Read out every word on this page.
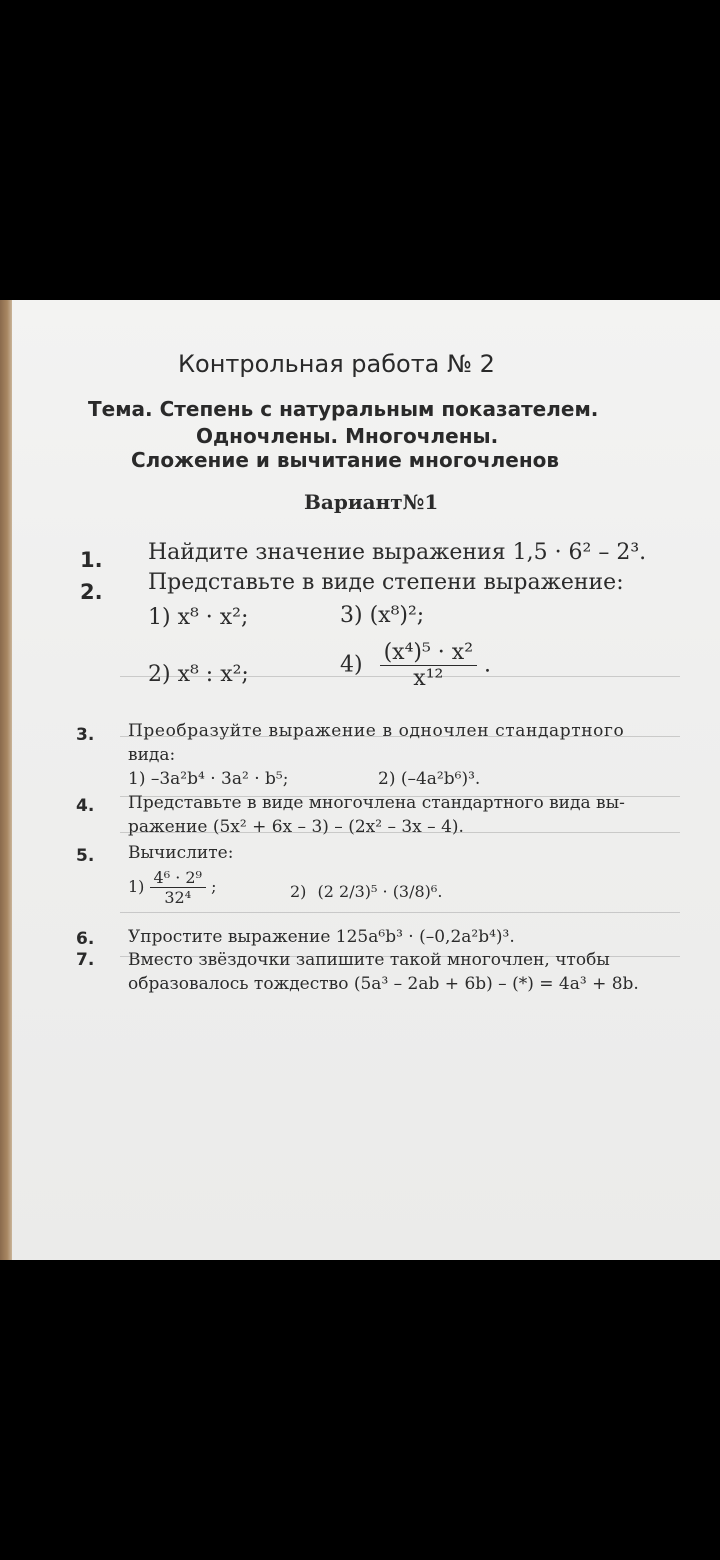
Контрольная работа № 2
Тема. Степень с натуральным показателем.
Одночлены. Многочлены.
Сложение и вычитание многочленов
Вариант№1
1. Найдите значение выражения 1,5 · 6² – 2³.
2. Представьте в виде степени выражение:
1) x⁸ · x²;	3) (x⁸)²;
2) x⁸ : x²;	$4) \frac{\text{(x⁴)⁵ · x²}}{\text{x¹²}}$ .
3. Преобразуйте выражение в одночлен стандартного
вида:
1) –3a²b⁴ · 3a² · b⁵;	2) (–4a²b⁶)³.
4. Представьте в виде многочлена стандартного вида вы-
ражение (5x² + 6x – 3) – (2x² – 3x – 4).
5. Вычислите:
$1) \frac{\text{4⁶ · 2⁹}}{\text{32⁴}}$ ;	2) (2 2/3)⁵ · (3/8)⁶.
6. Упростите выражение 125a⁶b³ · (–0,2a²b⁴)³.
7. Вместо звёздочки запишите такой многочлен, чтобы
образовалось тождество (5a³ – 2ab + 6b) – (*) = 4a³ + 8b.
